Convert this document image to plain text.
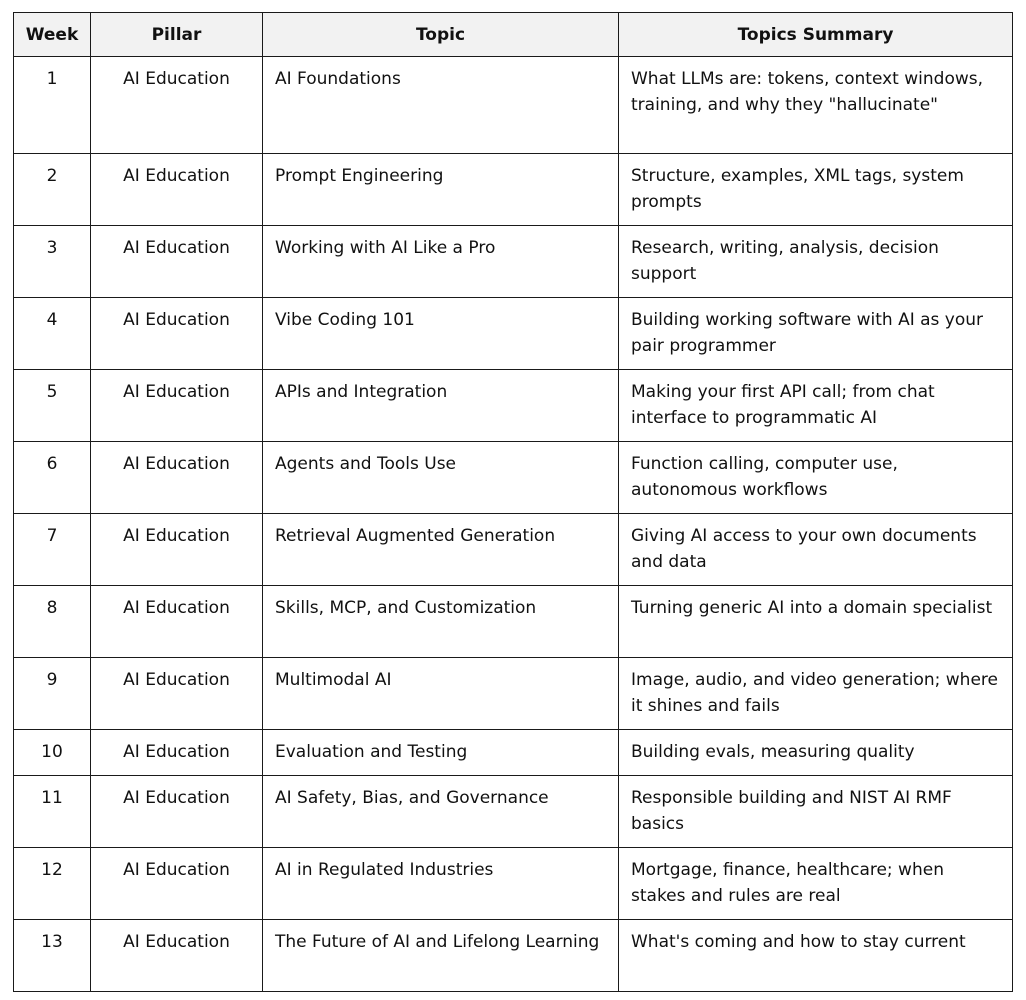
Week	Pillar	Topic	Topics Summary
1	AI Education	AI Foundations	What LLMs are: tokens, context windows, training, and why they "hallucinate"
2	AI Education	Prompt Engineering	Structure, examples, XML tags, system prompts
3	AI Education	Working with AI Like a Pro	Research, writing, analysis, decision support
4	AI Education	Vibe Coding 101	Building working software with AI as your pair programmer
5	AI Education	APIs and Integration	Making your first API call; from chat interface to programmatic AI
6	AI Education	Agents and Tools Use	Function calling, computer use, autonomous workflows
7	AI Education	Retrieval Augmented Generation	Giving AI access to your own documents and data
8	AI Education	Skills, MCP, and Customization	Turning generic AI into a domain specialist
9	AI Education	Multimodal AI	Image, audio, and video generation; where it shines and fails
10	AI Education	Evaluation and Testing	Building evals, measuring quality
11	AI Education	AI Safety, Bias, and Governance	Responsible building and NIST AI RMF basics
12	AI Education	AI in Regulated Industries	Mortgage, finance, healthcare; when stakes and rules are real
13	AI Education	The Future of AI and Lifelong Learning	What's coming and how to stay current
